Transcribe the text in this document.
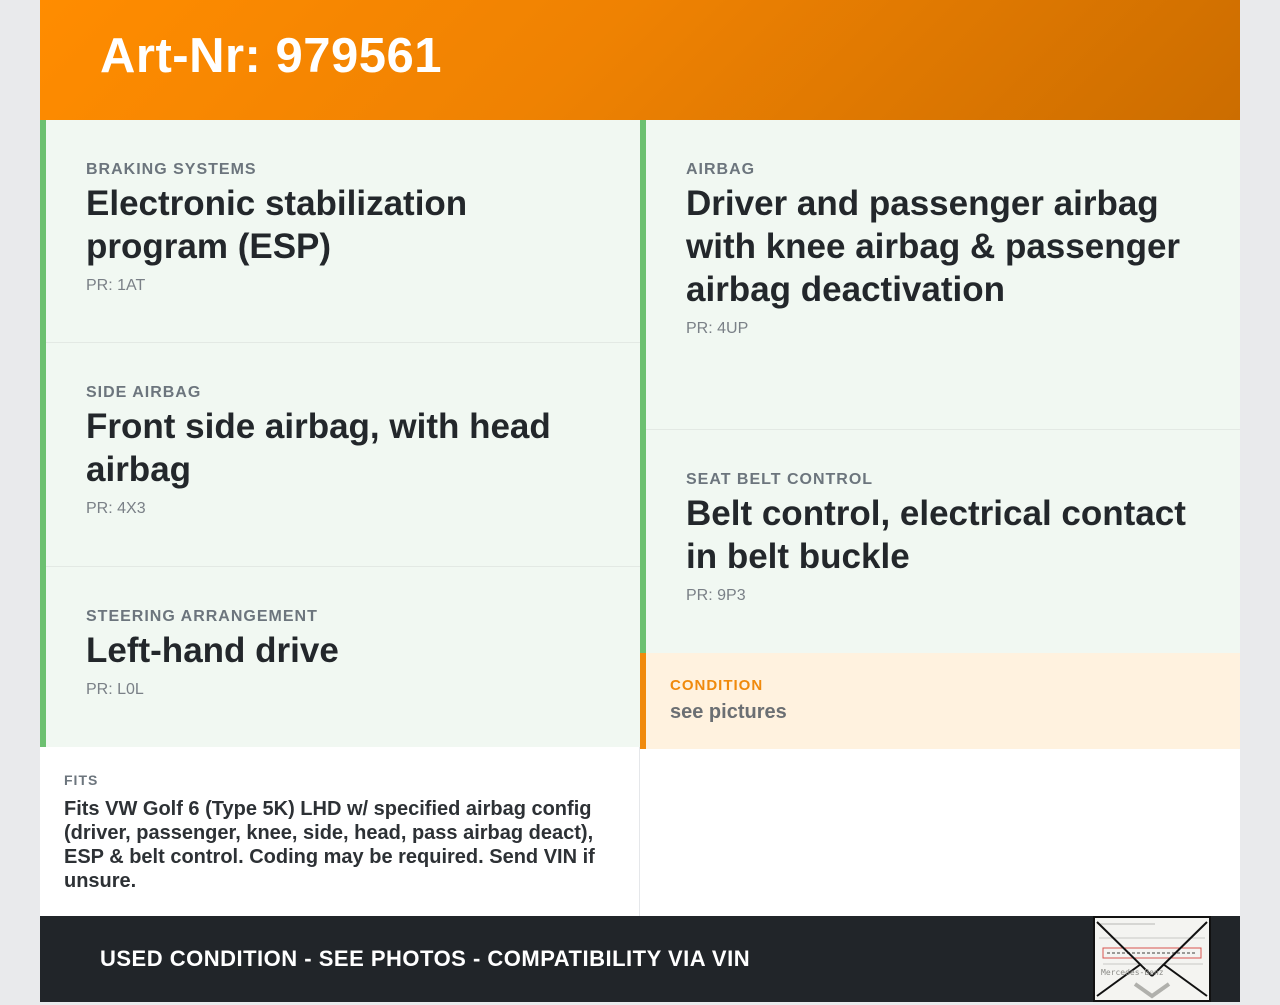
Art-Nr: 979561
BRAKING SYSTEMS
Electronic stabilization program (ESP)
PR: 1AT
SIDE AIRBAG
Front side airbag, with head airbag
PR: 4X3
STEERING ARRANGEMENT
Left-hand drive
PR: L0L
AIRBAG
Driver and passenger airbag with knee airbag & passenger airbag deactivation
PR: 4UP
SEAT BELT CONTROL
Belt control, electrical contact in belt buckle
PR: 9P3
CONDITION
see pictures
FITS
Fits VW Golf 6 (Type 5K) LHD w/ specified airbag config (driver, passenger, knee, side, head, pass airbag deact), ESP & belt control. Coding may be required. Send VIN if unsure.
USED CONDITION - SEE PHOTOS - COMPATIBILITY VIA VIN
Mercedes-Benz
